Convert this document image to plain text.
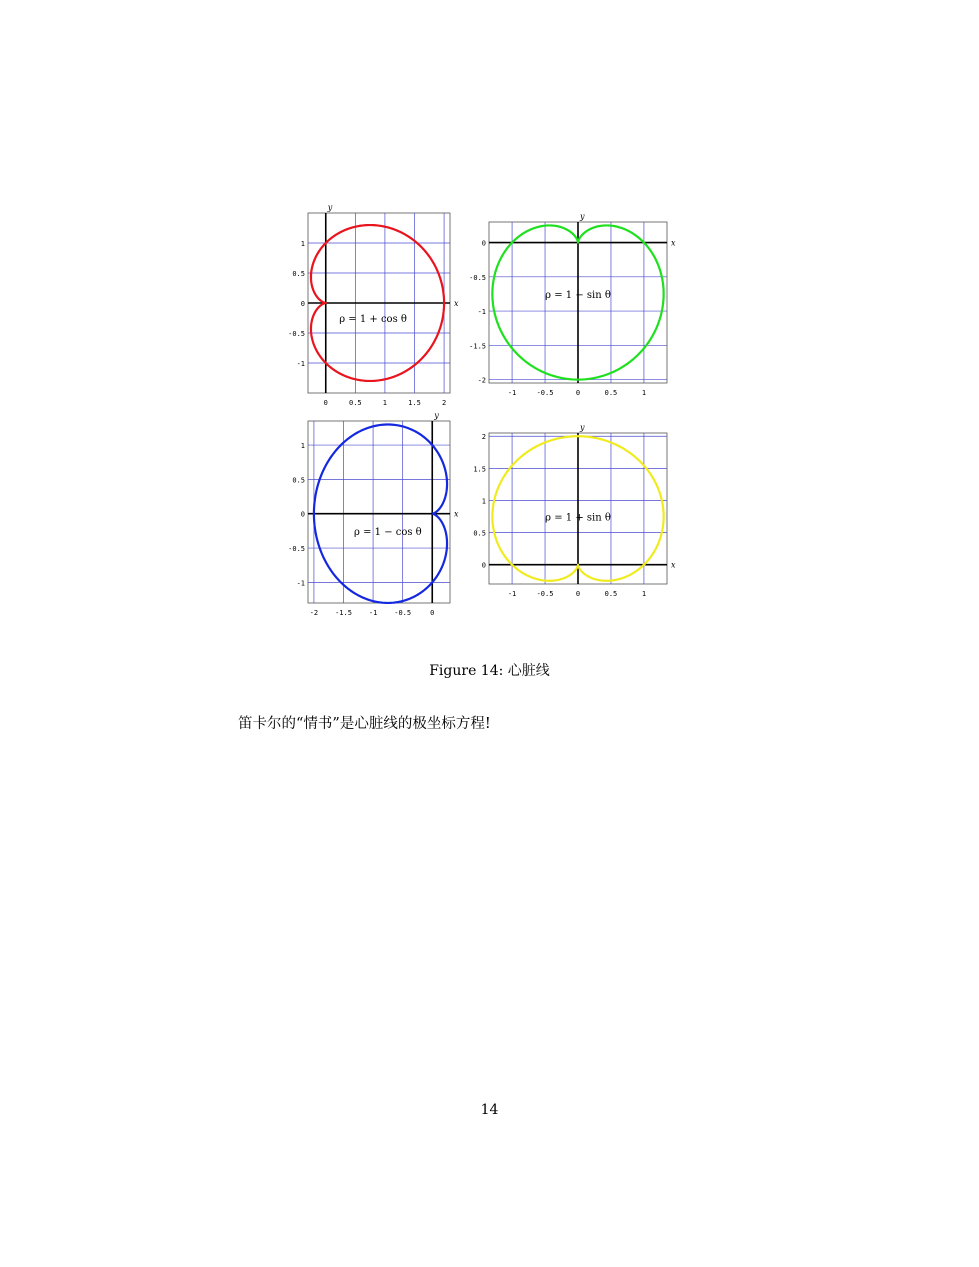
0	0.5	1	1.5	2
1
0.5
0
-0.5
-1
x
y
ρ = 1 + cos θ
-1	-0.5	0	0.5	1
0
-0.5
-1
-1.5
-2
x
y
ρ = 1 − sin θ
-2 -1.5 -1 -0.5	0
1
0.5
0
-0.5
-1
x
y
ρ = 1 − cos θ
-1	-0.5	0	0.5	1
2
1.5
1
0.5
0	x
y
ρ = 1 + sin θ
Figure 14: 心脏线
笛卡尔的“情书”是心脏线的极坐标方程!
14
